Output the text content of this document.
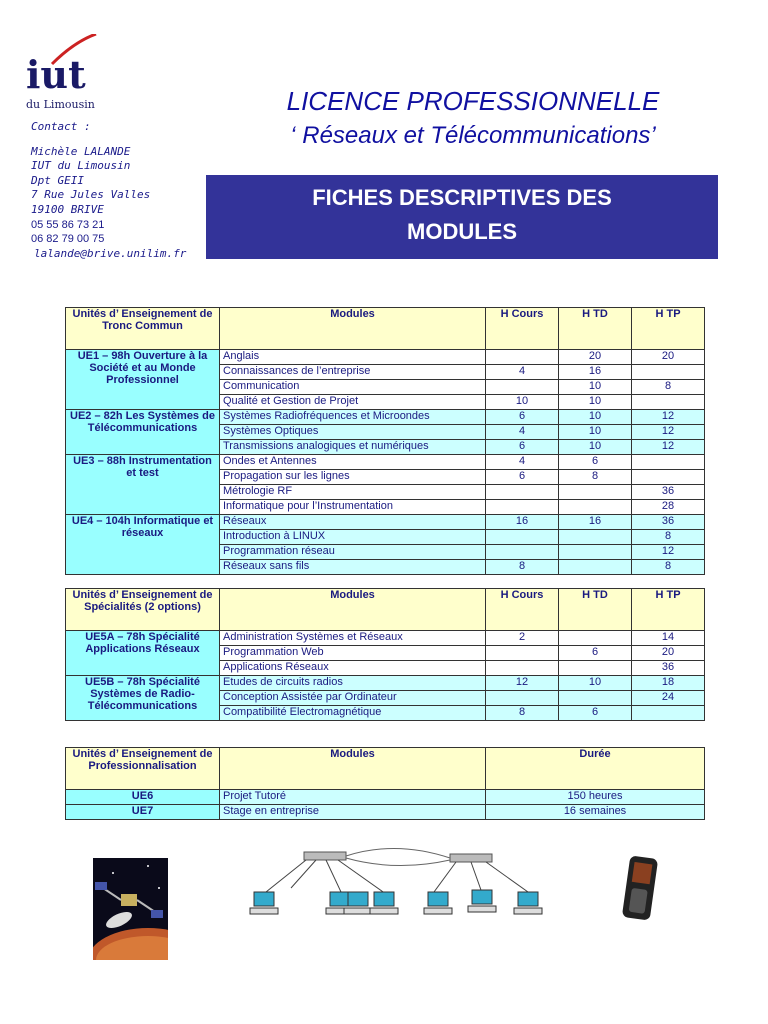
iut
du Limousin
Contact :
Michèle LALANDE
IUT du Limousin
Dpt GEII
7 Rue Jules Valles
19100 BRIVE
05 55 86 73 21
06 82 79 00 75
lalande@brive.unilim.fr
LICENCE PROFESSIONNELLE
‘ Réseaux et Télécommunications’
FICHES DESCRIPTIVES DES
MODULES
Unités d’ Enseignement de Tronc Commun	Modules	H Cours	H TD	H TP
UE1 – 98h Ouverture à la Société et au Monde Professionnel	Anglais		20	20
	Connaissances de l’entreprise	4	16	
	Communication		10	8
	Qualité et Gestion de Projet	10	10	
UE2 – 82h Les Systèmes de Télécommunications	Systèmes Radiofréquences et Microondes	6	10	12
	Systèmes Optiques	4	10	12
	Transmissions analogiques et numériques	6	10	12
UE3 – 88h Instrumentation et test	Ondes et Antennes	4	6	
	Propagation sur les lignes	6	8	
	Métrologie RF			36
	Informatique pour l’Instrumentation			28
UE4 – 104h Informatique et réseaux	Réseaux	16	16	36
	Introduction à LINUX			8
	Programmation réseau			12
	Réseaux sans fils	8		8
Unités d’ Enseignement de Spécialités (2 options)	Modules	H Cours	H TD	H TP
UE5A – 78h Spécialité Applications Réseaux	Administration Systèmes et Réseaux	2		14
	Programmation Web		6	20
	Applications Réseaux			36
UE5B – 78h Spécialité Systèmes de Radio-Télécommunications	Etudes de circuits radios	12	10	18
	Conception Assistée par Ordinateur			24
	Compatibilité Electromagnétique	8	6	
Unités d’ Enseignement de Professionnalisation	Modules	Durée
UE6	Projet Tutoré	150 heures
UE7	Stage en entreprise	16 semaines
